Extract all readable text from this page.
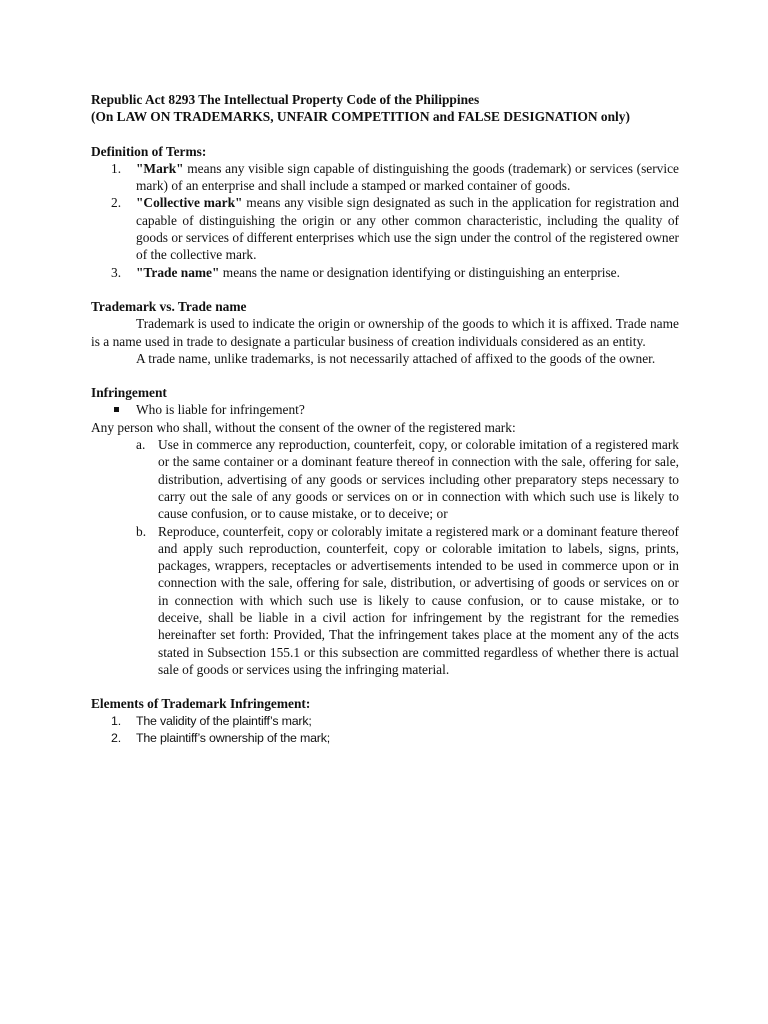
Republic Act 8293 The Intellectual Property Code of the Philippines
(On LAW ON TRADEMARKS, UNFAIR COMPETITION and FALSE DESIGNATION only)
Definition of Terms:
1. "Mark" means any visible sign capable of distinguishing the goods (trademark) or services (service mark) of an enterprise and shall include a stamped or marked container of goods.
2. "Collective mark" means any visible sign designated as such in the application for registration and capable of distinguishing the origin or any other common characteristic, including the quality of goods or services of different enterprises which use the sign under the control of the registered owner of the collective mark.
3. "Trade name" means the name or designation identifying or distinguishing an enterprise.
Trademark vs. Trade name
Trademark is used to indicate the origin or ownership of the goods to which it is affixed. Trade name is a name used in trade to designate a particular business of creation individuals considered as an entity.
A trade name, unlike trademarks, is not necessarily attached of affixed to the goods of the owner.
Infringement
Who is liable for infringement?
Any person who shall, without the consent of the owner of the registered mark:
a. Use in commerce any reproduction, counterfeit, copy, or colorable imitation of a registered mark or the same container or a dominant feature thereof in connection with the sale, offering for sale, distribution, advertising of any goods or services including other preparatory steps necessary to carry out the sale of any goods or services on or in connection with which such use is likely to cause confusion, or to cause mistake, or to deceive; or
b. Reproduce, counterfeit, copy or colorably imitate a registered mark or a dominant feature thereof and apply such reproduction, counterfeit, copy or colorable imitation to labels, signs, prints, packages, wrappers, receptacles or advertisements intended to be used in commerce upon or in connection with the sale, offering for sale, distribution, or advertising of goods or services on or in connection with which such use is likely to cause confusion, or to cause mistake, or to deceive, shall be liable in a civil action for infringement by the registrant for the remedies hereinafter set forth: Provided, That the infringement takes place at the moment any of the acts stated in Subsection 155.1 or this subsection are committed regardless of whether there is actual sale of goods or services using the infringing material.
Elements of Trademark Infringement:
1. The validity of the plaintiff’s mark;
2. The plaintiff’s ownership of the mark;
